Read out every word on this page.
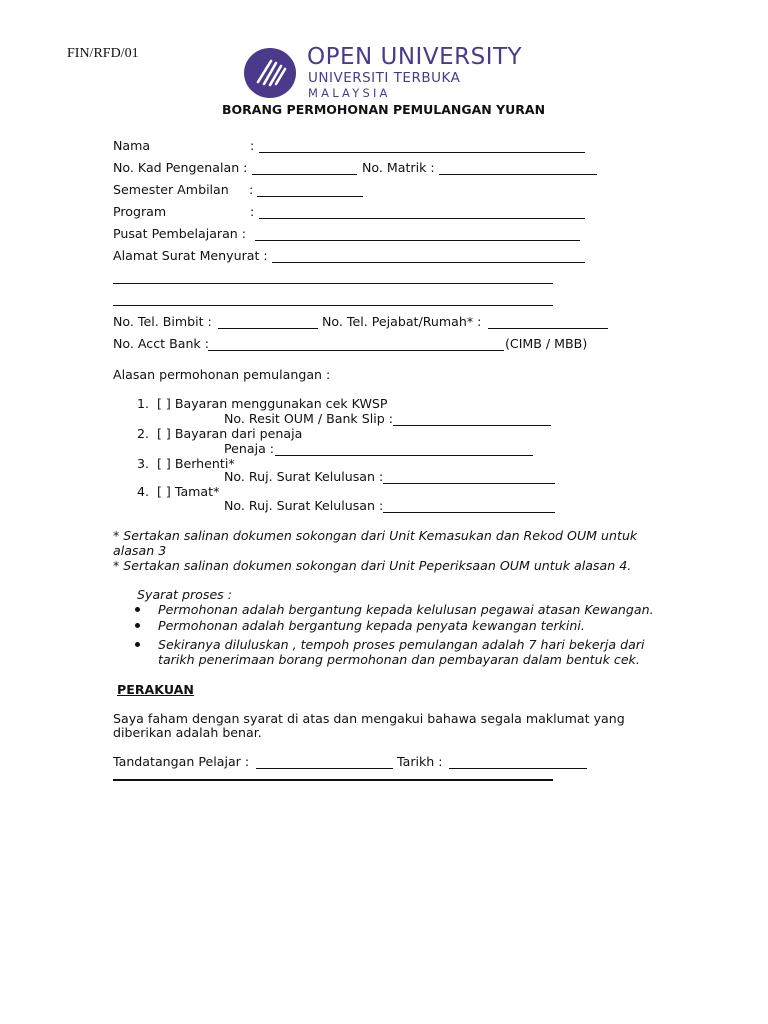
FIN/RFD/01	OPEN UNIVERSITY
UNIVERSITI TERBUKA
MALAYSIA
BORANG PERMOHONAN PEMULANGAN YURAN
Nama	:
No. Kad Pengenalan :	No. Matrik :
Semester Ambilan :
Program	:
Pusat Pembelajaran :
Alamat Surat Menyurat :
No. Tel. Bimbit :	No. Tel. Pejabat/Rumah* :
No. Acct Bank :	(CIMB / MBB)
Alasan permohonan pemulangan :
1. [ ] Bayaran menggunakan cek KWSP
No. Resit OUM / Bank Slip :
2. [ ] Bayaran dari penaja
Penaja :
3. [ ] Berhenti*
No. Ruj. Surat Kelulusan :
4. [ ] Tamat*
No. Ruj. Surat Kelulusan :
* Sertakan salinan dokumen sokongan dari Unit Kemasukan dan Rekod OUM untuk
alasan 3
* Sertakan salinan dokumen sokongan dari Unit Peperiksaan OUM untuk alasan 4.
Syarat proses :
Permohonan adalah bergantung kepada kelulusan pegawai atasan Kewangan.
Permohonan adalah bergantung kepada penyata kewangan terkini.
Sekiranya diluluskan , tempoh proses pemulangan adalah 7 hari bekerja dari
tarikh penerimaan borang permohonan dan pembayaran dalam bentuk cek.
PERAKUAN
Saya faham dengan syarat di atas dan mengakui bahawa segala maklumat yang
diberikan adalah benar.
Tandatangan Pelajar :	Tarikh :
